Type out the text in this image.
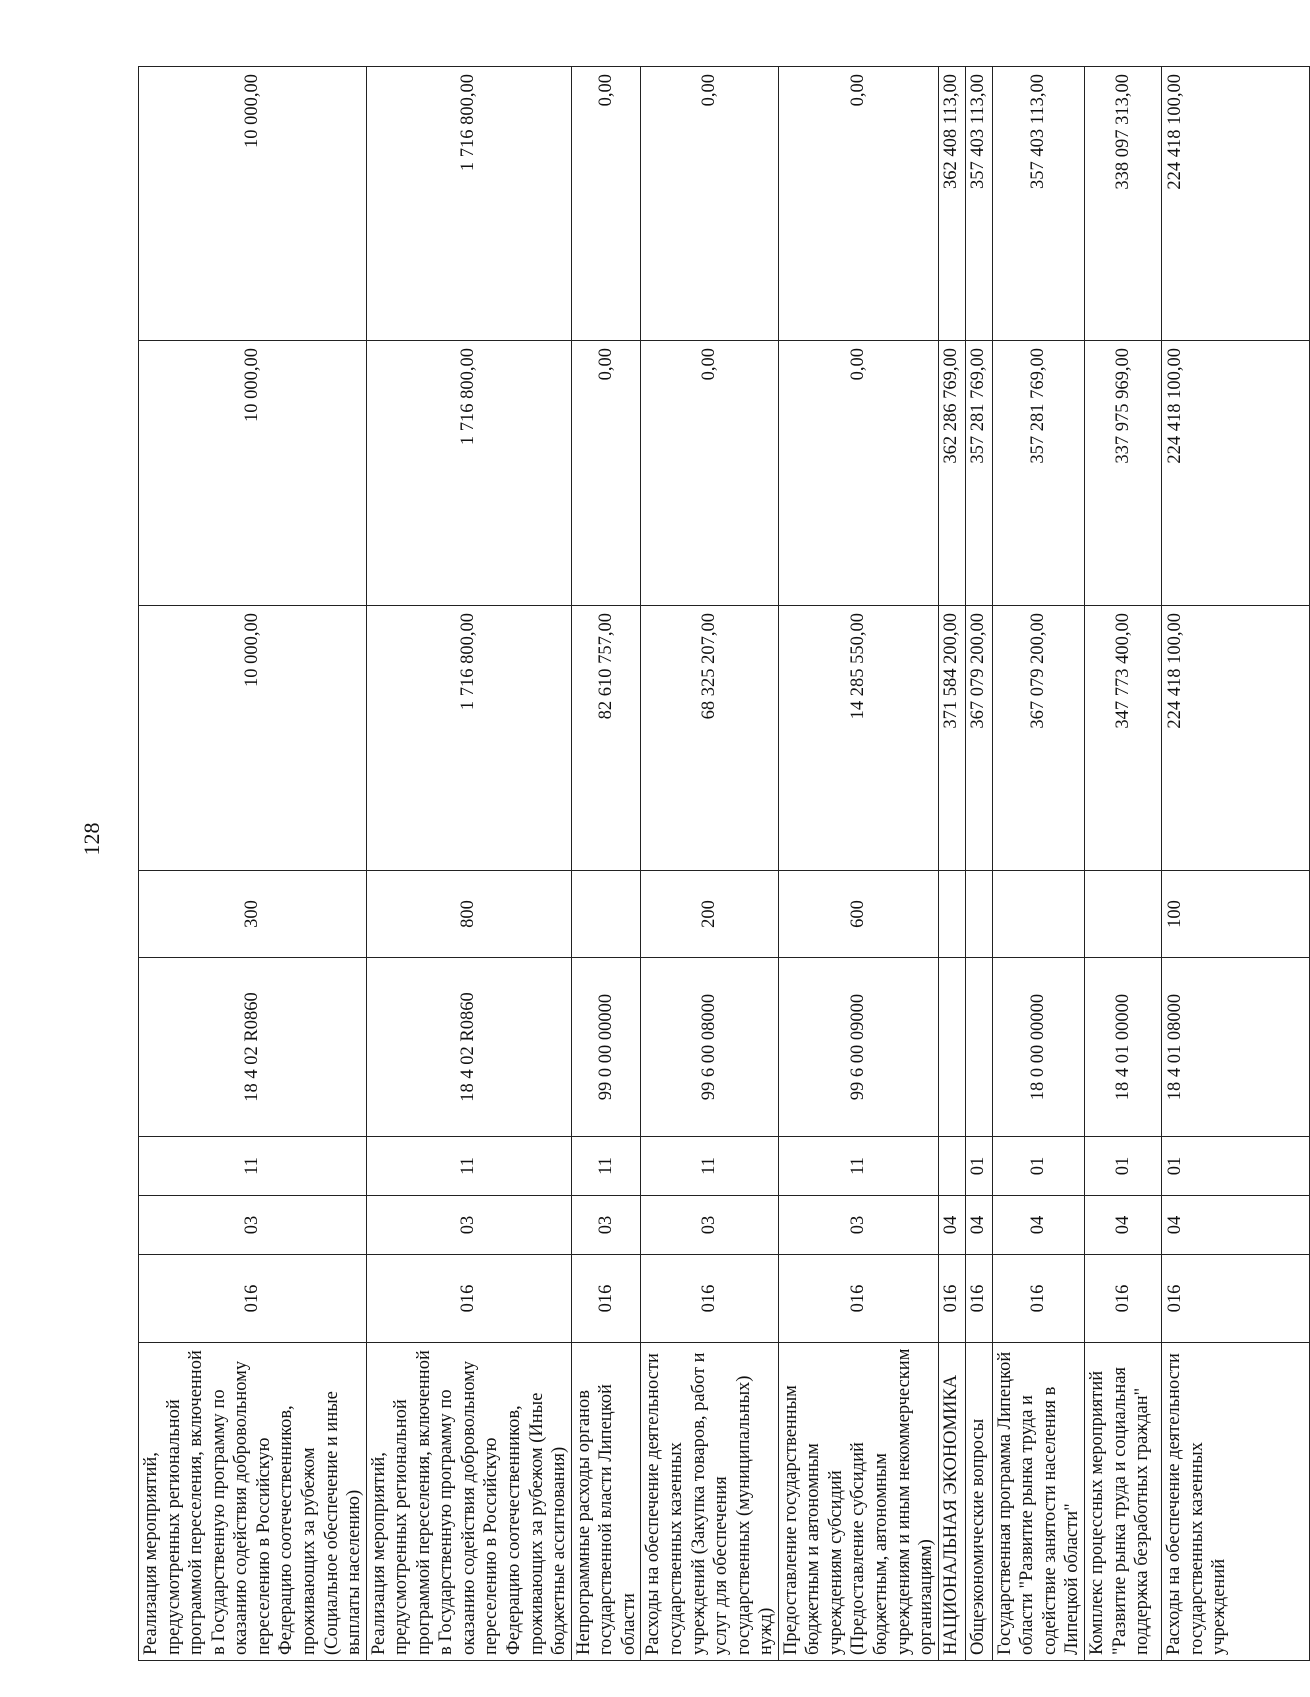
128
Реализация мероприятий, предусмотренных региональной программой переселения, включенной в Государственную программу по оказанию содействия добровольному переселению в Российскую Федерацию соотечественников, проживающих за рубежом (Социальное обеспечение и иные выплаты населению)	016	03	11	18 4 02 R0860	300	10 000,00	10 000,00	10 000,00
Реализация мероприятий, предусмотренных региональной программой переселения, включенной в Государственную программу по оказанию содействия добровольному переселению в Российскую Федерацию соотечественников, проживающих за рубежом (Иные бюджетные ассигнования)	016	03	11	18 4 02 R0860	800	1 716 800,00	1 716 800,00	1 716 800,00
Непрограммные расходы органов государственной власти Липецкой области	016	03	11	99 0 00 00000		82 610 757,00	0,00	0,00
Расходы на обеспечение деятельности государственных казенных учреждений (Закупка товаров, работ и услуг для обеспечения государственных (муниципальных) нужд)	016	03	11	99 6 00 08000	200	68 325 207,00	0,00	0,00
Предоставление государственным бюджетным и автономным учреждениям субсидий (Предоставление субсидий бюджетным, автономным учреждениям и иным некоммерческим организациям)	016	03	11	99 6 00 09000	600	14 285 550,00	0,00	0,00
НАЦИОНАЛЬНАЯ ЭКОНОМИКА	016	04				371 584 200,00	362 286 769,00	362 408 113,00
Общеэкономические вопросы	016	04	01			367 079 200,00	357 281 769,00	357 403 113,00
Государственная программа Липецкой области "Развитие рынка труда и содействие занятости населения в Липецкой области"	016	04	01	18 0 00 00000		367 079 200,00	357 281 769,00	357 403 113,00
Комплекс процессных мероприятий "Развитие рынка труда и социальная поддержка безработных граждан"	016	04	01	18 4 01 00000		347 773 400,00	337 975 969,00	338 097 313,00
Расходы на обеспечение деятельности государственных казенных учреждений	016	04	01	18 4 01 08000	100	224 418 100,00	224 418 100,00	224 418 100,00
